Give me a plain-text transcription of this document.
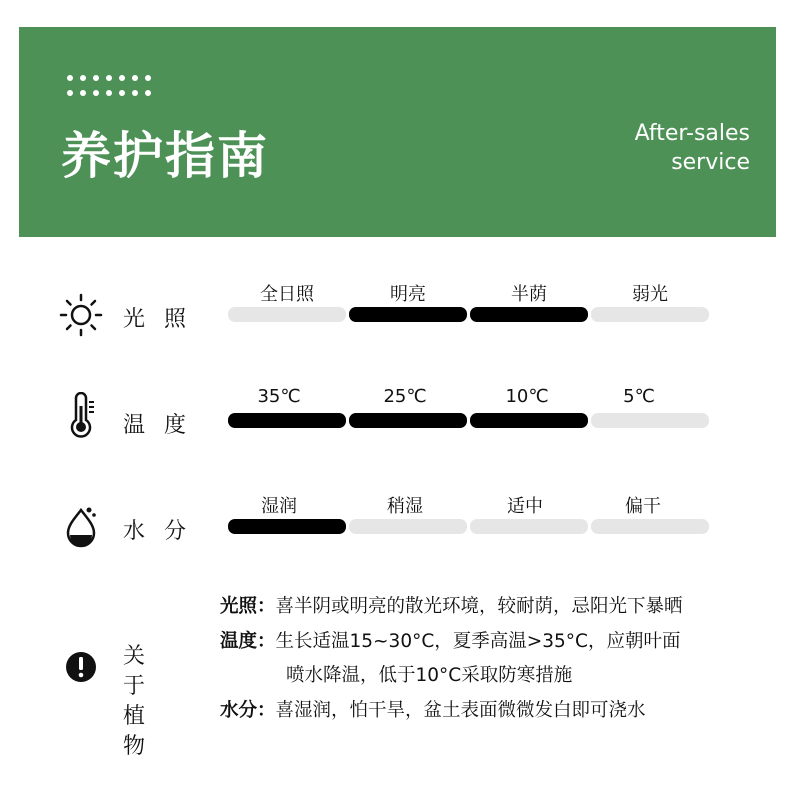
养护指南	After-sales
service
光 照
全日照	明亮	半荫	弱光
温 度
35℃	25℃	10℃	5℃
水 分
湿润	稍湿	适中	偏干
关 于
植 物
光照：喜半阴或明亮的散光环境，较耐荫，忌阳光下暴晒
温度：生长适温15~30°C，夏季高温>35°C，应朝叶面
喷水降温，低于10°C采取防寒措施
水分：喜湿润，怕干旱，盆土表面微微发白即可浇水
